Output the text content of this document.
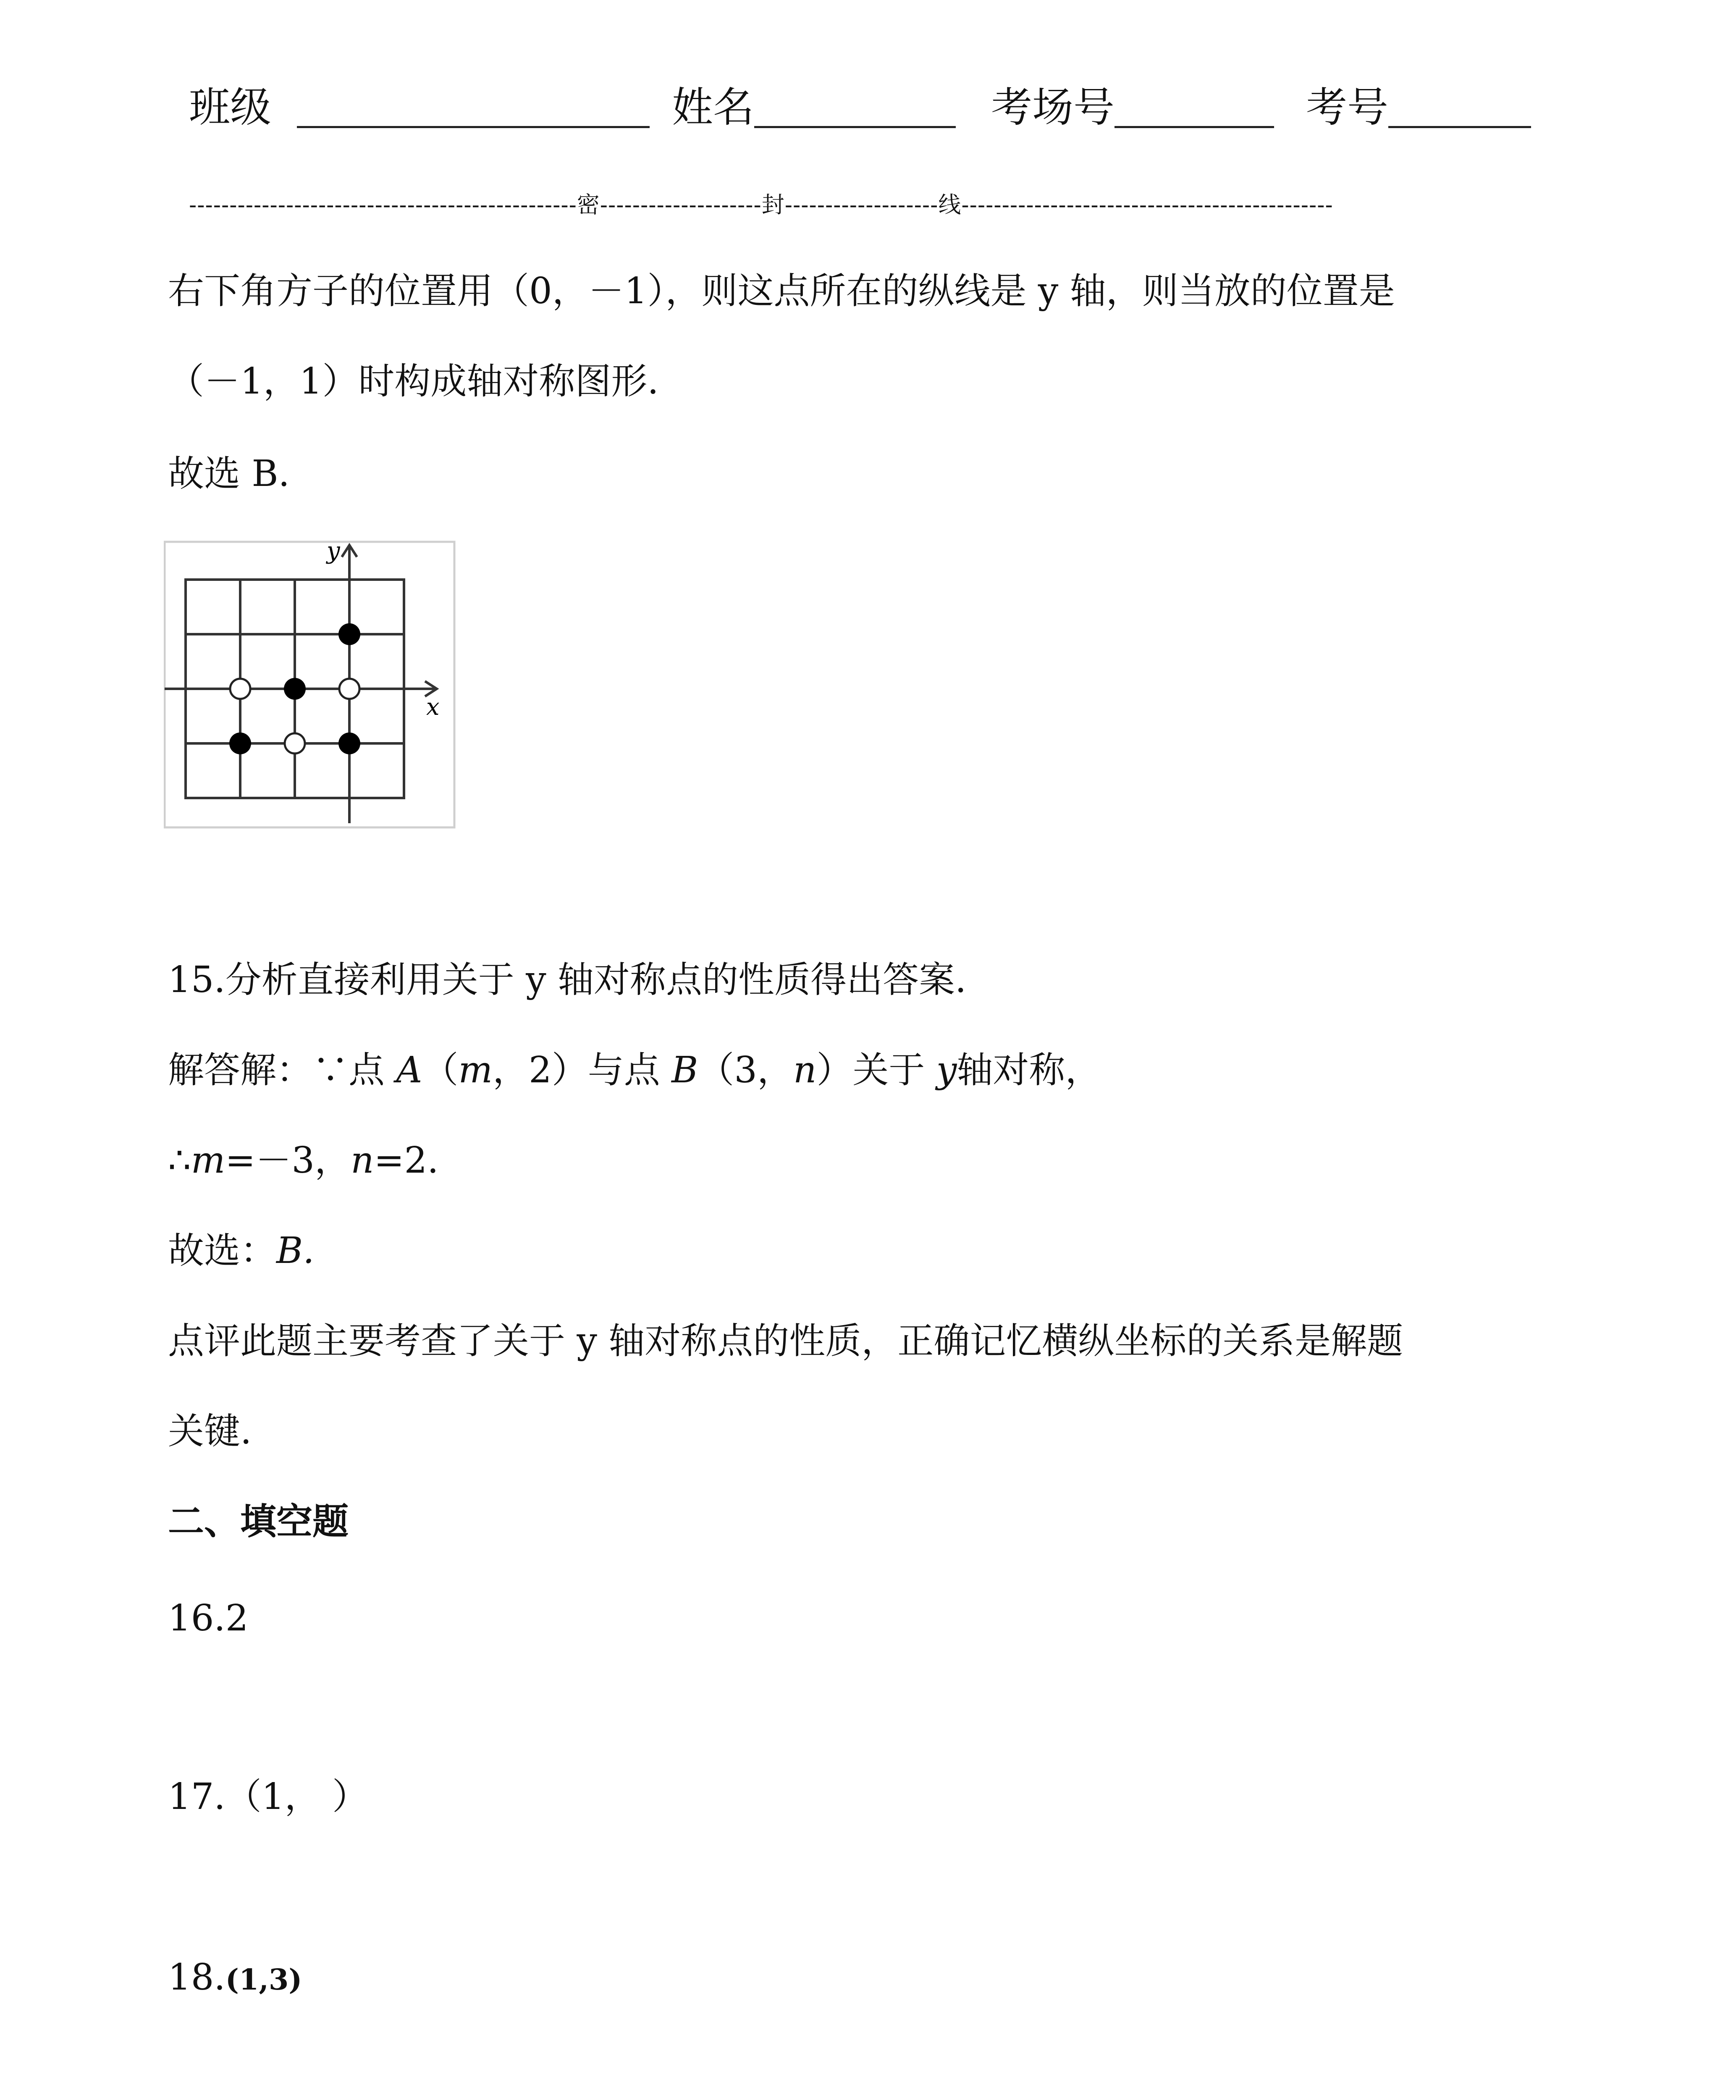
班级	姓名	考场号	考号
------------------------------------------------密--------------------封-------------------线----------------------------------------------
右下角方子的位置用（0，－1），则这点所在的纵线是 y 轴，则当放的位置是
（－1，1）时构成轴对称图形.
故选 B.
y
x
15.分析直接利用关于 y 轴对称点的性质得出答案.
解答解：∵点 A（m，2）与点 B（3，n）关于 y轴对称，
∴m=－3，n=2.
故选：B.
点评此题主要考查了关于 y 轴对称点的性质，正确记忆横纵坐标的关系是解题
关键.
二、填空题
16.2
17.（1， ）
18.(1,3)
